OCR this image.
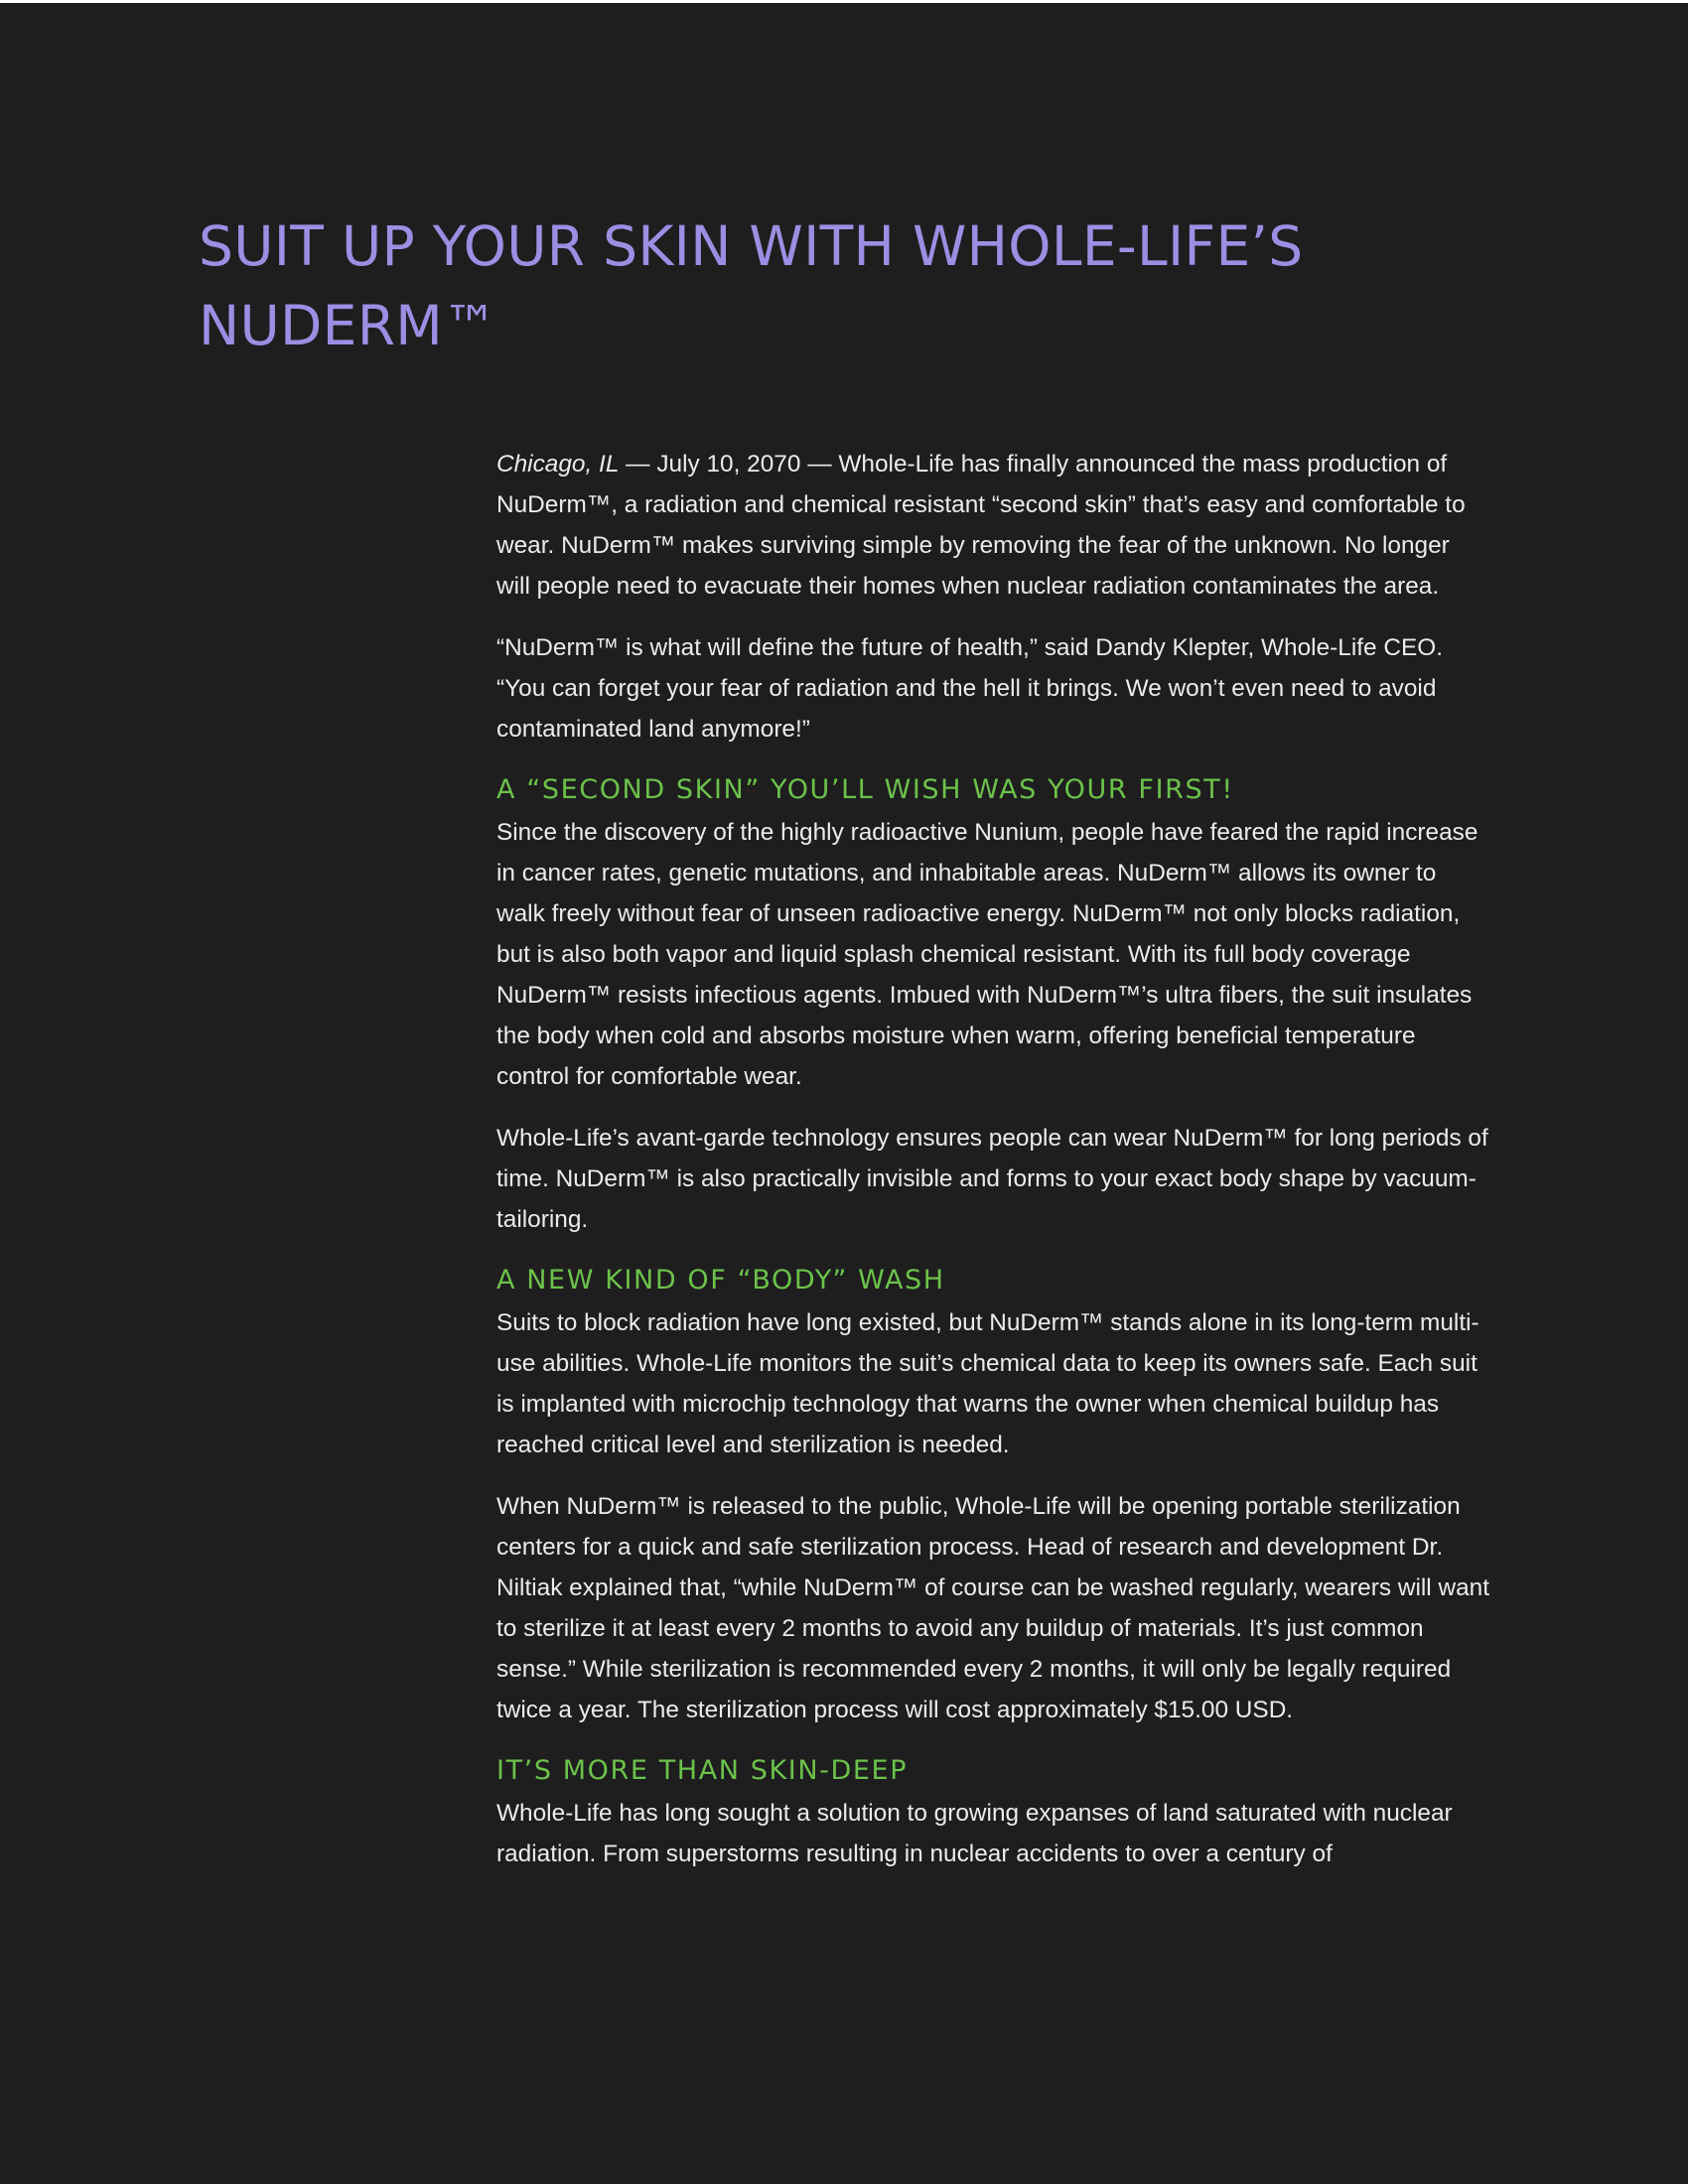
SUIT UP YOUR SKIN WITH WHOLE-LIFE’S
NUDERM™

Chicago, IL — July 10, 2070 — Whole-Life has finally announced the mass production of NuDerm™, a radiation and chemical resistant “second skin” that’s easy and comfortable to wear. NuDerm™ makes surviving simple by removing the fear of the unknown. No longer will people need to evacuate their homes when nuclear radiation contaminates the area.

“NuDerm™ is what will define the future of health,” said Dandy Klepter, Whole-Life CEO. “You can forget your fear of radiation and the hell it brings. We won’t even need to avoid contaminated land anymore!”

A “SECOND SKIN” YOU’LL WISH WAS YOUR FIRST!

Since the discovery of the highly radioactive Nunium, people have feared the rapid increase in cancer rates, genetic mutations, and inhabitable areas. NuDerm™ allows its owner to walk freely without fear of unseen radioactive energy. NuDerm™ not only blocks radiation, but is also both vapor and liquid splash chemical resistant. With its full body coverage NuDerm™ resists infectious agents. Imbued with NuDerm™’s ultra fibers, the suit insulates the body when cold and absorbs moisture when warm, offering beneficial temperature control for comfortable wear.

Whole-Life’s avant-garde technology ensures people can wear NuDerm™ for long periods of time. NuDerm™ is also practically invisible and forms to your exact body shape by vacuum-tailoring.

A NEW KIND OF “BODY” WASH

Suits to block radiation have long existed, but NuDerm™ stands alone in its long-term multi-use abilities. Whole-Life monitors the suit’s chemical data to keep its owners safe. Each suit is implanted with microchip technology that warns the owner when chemical buildup has reached critical level and sterilization is needed.

When NuDerm™ is released to the public, Whole-Life will be opening portable sterilization centers for a quick and safe sterilization process. Head of research and development Dr. Niltiak explained that, “while NuDerm™ of course can be washed regularly, wearers will want to sterilize it at least every 2 months to avoid any buildup of materials. It’s just common sense.” While sterilization is recommended every 2 months, it will only be legally required twice a year. The sterilization process will cost approximately $15.00 USD.

IT’S MORE THAN SKIN-DEEP

Whole-Life has long sought a solution to growing expanses of land saturated with nuclear radiation. From superstorms resulting in nuclear accidents to over a century of
